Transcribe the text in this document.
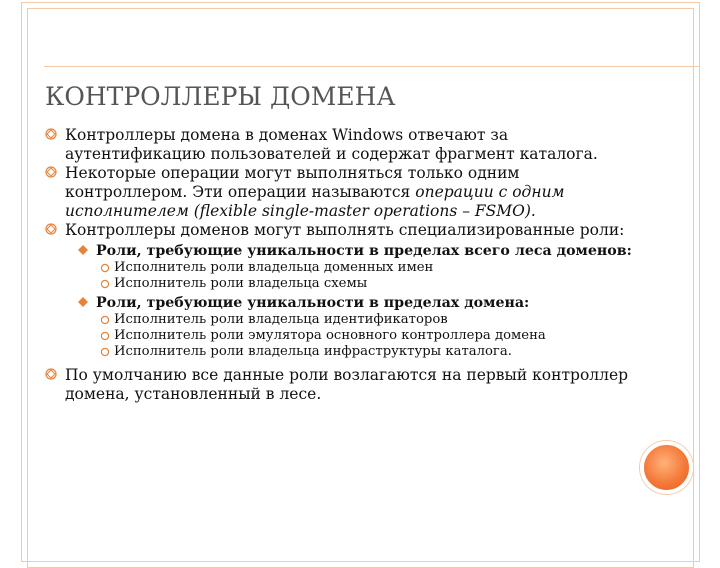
КОНТРОЛЛЕРЫ ДОМЕНА
Контроллеры домена в доменах Windows отвечают за аутентификацию пользователей и содержат фрагмент каталога.
Некоторые операции могут выполняться только одним контроллером. Эти операции называются операции с одним исполнителем (flexible single-master operations – FSMO).
Контроллеры доменов могут выполнять специализированные роли:
Роли, требующие уникальности в пределах всего леса доменов:
Исполнитель роли владельца доменных имен
Исполнитель роли владельца схемы
Роли, требующие уникальности в пределах домена:
Исполнитель роли владельца идентификаторов
Исполнитель роли эмулятора основного контроллера домена
Исполнитель роли владельца инфраструктуры каталога.
По умолчанию все данные роли возлагаются на первый контроллер домена, установленный в лесе.
